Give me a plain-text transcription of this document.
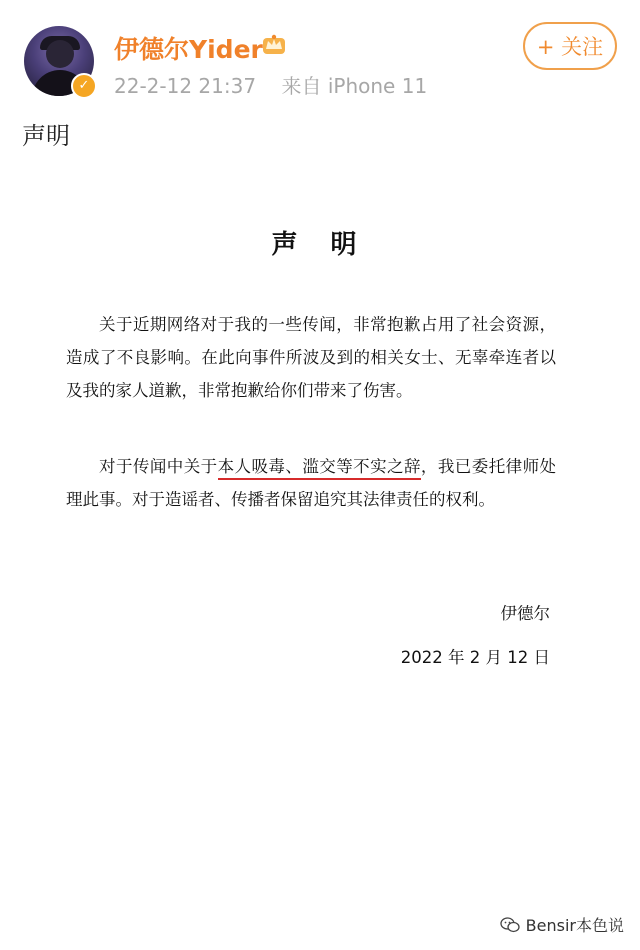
✓
伊德尔Yider
22-2-12 21:37 来自 iPhone 11
+ 关注
声明
声 明
关于近期网络对于我的一些传闻，非常抱歉占用了社会资源，造成了不良影响。在此向事件所波及到的相关女士、无辜牵连者以及我的家人道歉，非常抱歉给你们带来了伤害。
对于传闻中关于本人吸毒、滥交等不实之辞，我已委托律师处理此事。对于造谣者、传播者保留追究其法律责任的权利。
伊德尔
2022 年 2 月 12 日
Bensir本色说
